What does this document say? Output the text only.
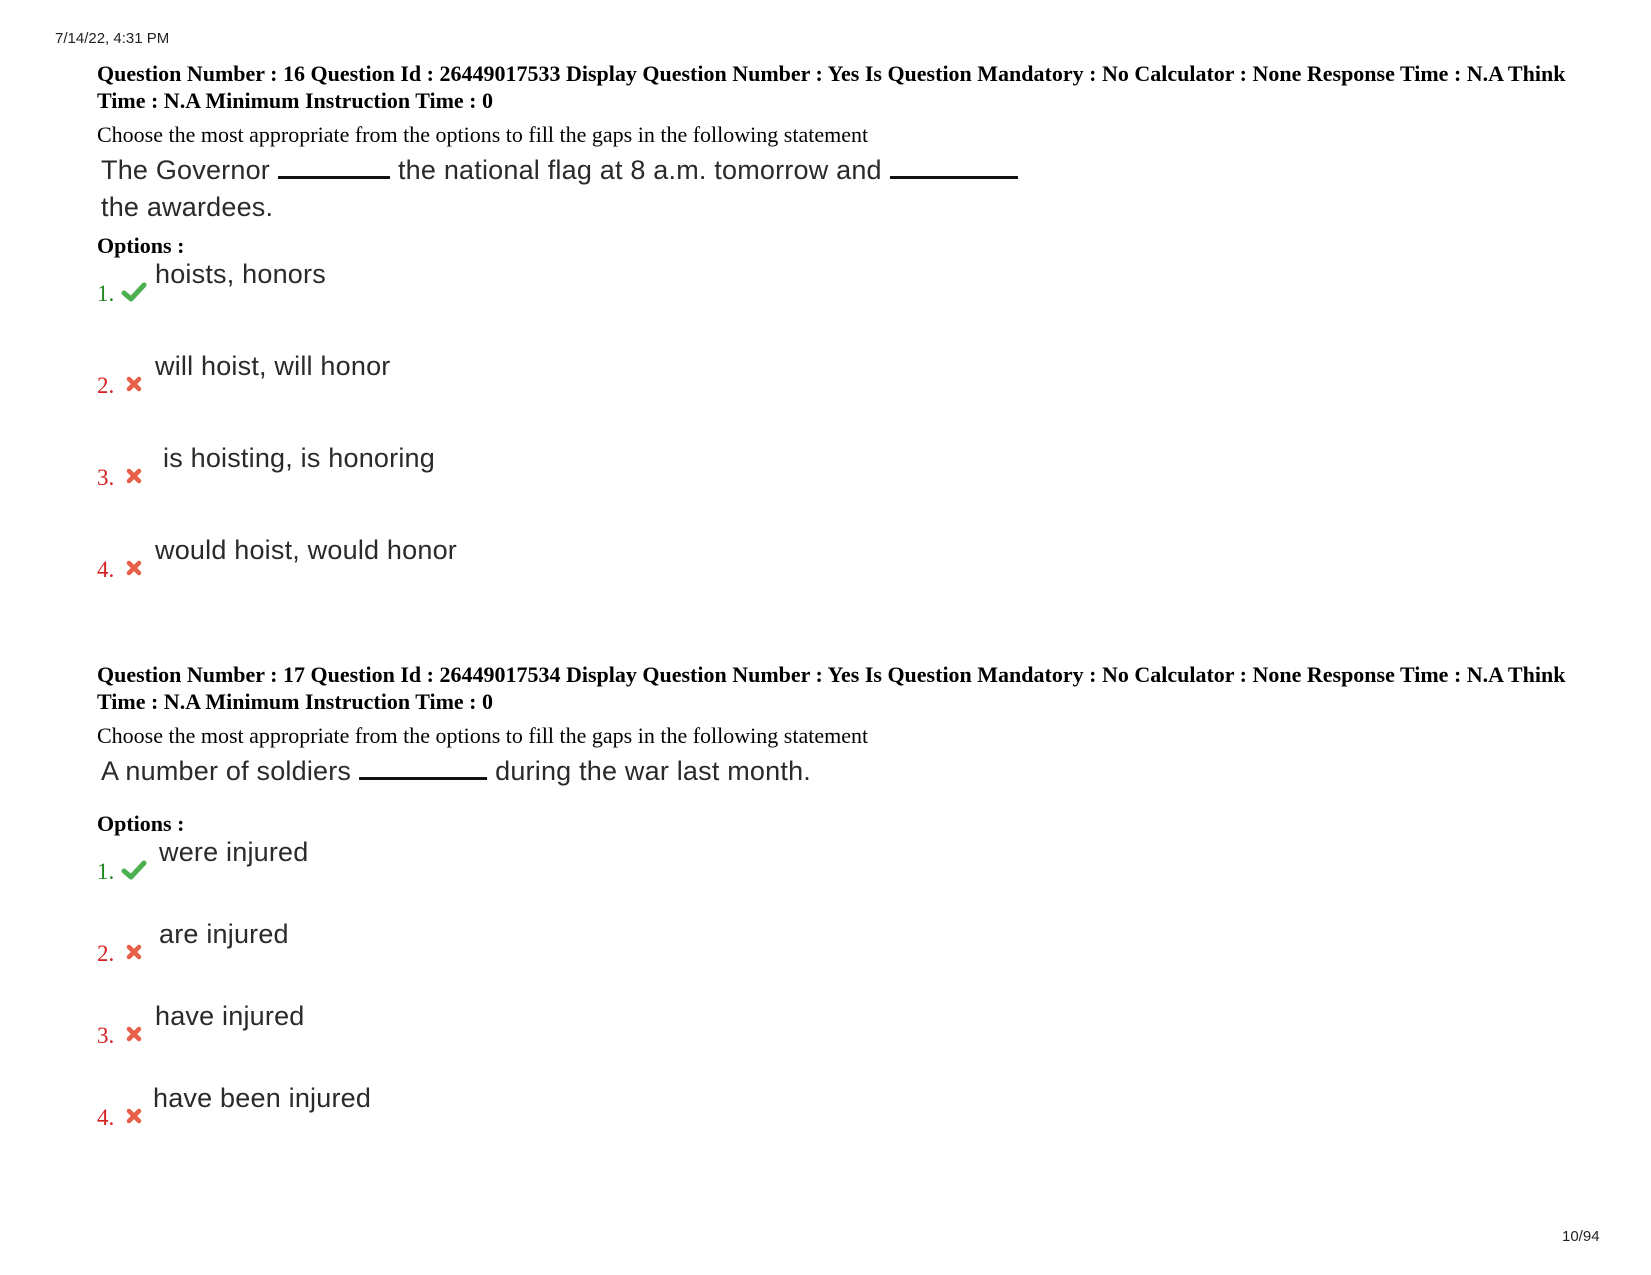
7/14/22, 4:31 PM
Question Number : 16 Question Id : 26449017533 Display Question Number : Yes Is Question Mandatory : No Calculator : None Response Time : N.A Think Time : N.A Minimum Instruction Time : 0
Choose the most appropriate from the options to fill the gaps in the following statement
The Governor	the national flag at 8 a.m. tomorrow and
the awardees.
Options :
1.
hoists, honors
2.
will hoist, will honor
3.
is hoisting, is honoring
4.
would hoist, would honor
Question Number : 17 Question Id : 26449017534 Display Question Number : Yes Is Question Mandatory : No Calculator : None Response Time : N.A Think Time : N.A Minimum Instruction Time : 0
Choose the most appropriate from the options to fill the gaps in the following statement
A number of soldiers	during the war last month.
Options :
1.
were injured
2.
are injured
3.
have injured
4.
have been injured
10/94
